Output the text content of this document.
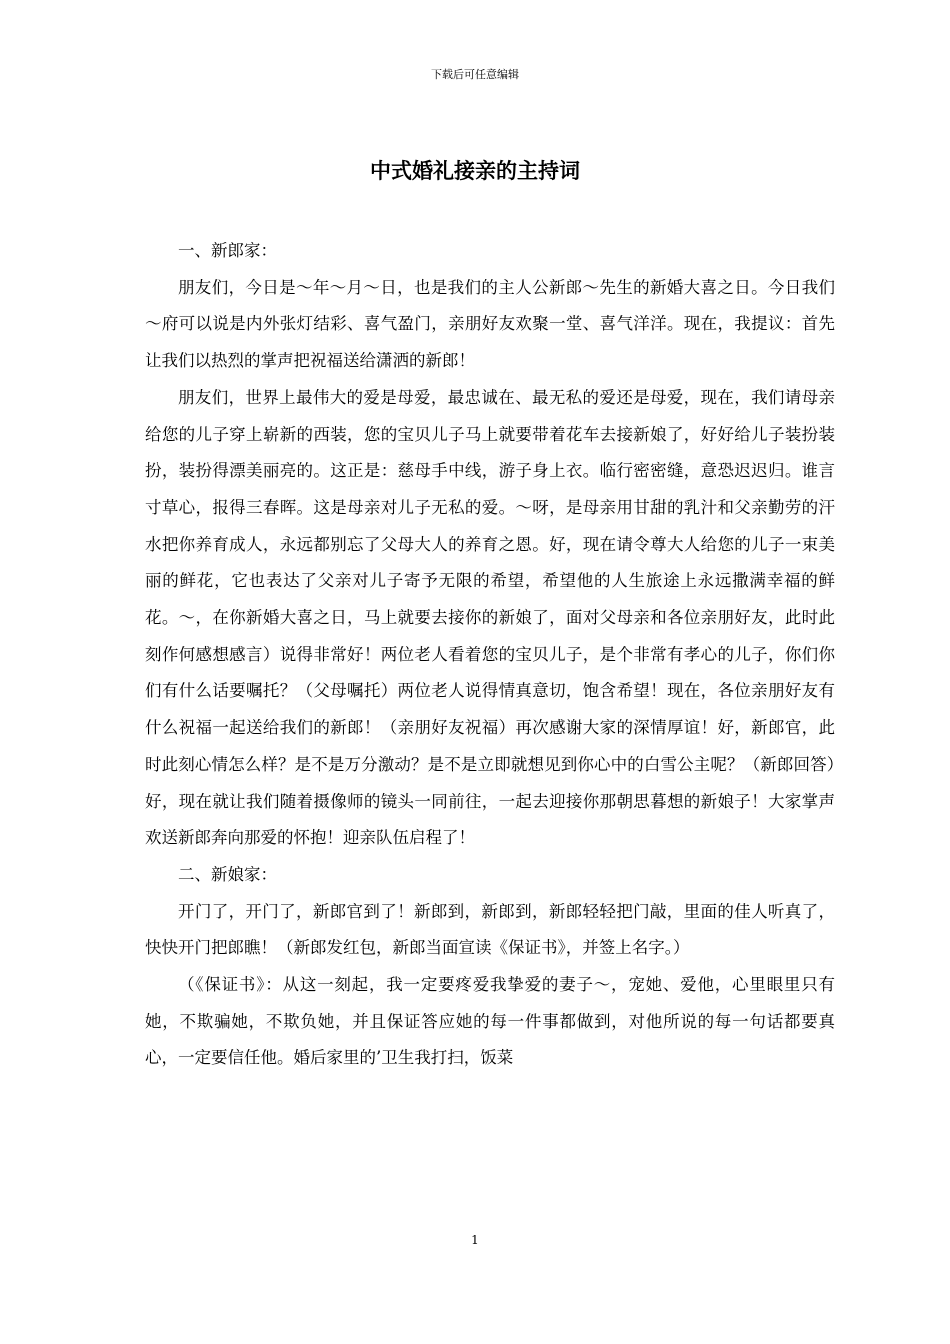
下载后可任意编辑
中式婚礼接亲的主持词

一、新郎家：

朋友们，今日是～年～月～日，也是我们的主人公新郎～先生的新婚大喜之日。今日我们～府可以说是内外张灯结彩、喜气盈门，亲朋好友欢聚一堂、喜气洋洋。现在，我提议：首先让我们以热烈的掌声把祝福送给潇洒的新郎！

朋友们，世界上最伟大的爱是母爱，最忠诚在、最无私的爱还是母爱，现在，我们请母亲给您的儿子穿上崭新的西装，您的宝贝儿子马上就要带着花车去接新娘了，好好给儿子装扮装扮，装扮得漂美丽亮的。这正是：慈母手中线，游子身上衣。临行密密缝，意恐迟迟归。谁言寸草心，报得三春晖。这是母亲对儿子无私的爱。～呀，是母亲用甘甜的乳汁和父亲勤劳的汗水把你养育成人，永远都别忘了父母大人的养育之恩。好，现在请令尊大人给您的儿子一束美丽的鲜花，它也表达了父亲对儿子寄予无限的希望，希望他的人生旅途上永远撒满幸福的鲜花。～，在你新婚大喜之日，马上就要去接你的新娘了，面对父母亲和各位亲朋好友，此时此刻作何感想感言）说得非常好！两位老人看着您的宝贝儿子，是个非常有孝心的儿子，你们你们有什么话要嘱托？（父母嘱托）两位老人说得情真意切，饱含希望！现在，各位亲朋好友有什么祝福一起送给我们的新郎！（亲朋好友祝福）再次感谢大家的深情厚谊！好，新郎官，此时此刻心情怎么样？是不是万分激动？是不是立即就想见到你心中的白雪公主呢？（新郎回答）好，现在就让我们随着摄像师的镜头一同前往，一起去迎接你那朝思暮想的新娘子！大家掌声欢送新郎奔向那爱的怀抱！迎亲队伍启程了！

二、新娘家：

开门了，开门了，新郎官到了！新郎到，新郎到，新郎轻轻把门敲，里面的佳人听真了，快快开门把郎瞧！（新郎发红包，新郎当面宣读《保证书》，并签上名字。）

（《保证书》：从这一刻起，我一定要疼爱我挚爱的妻子～，宠她、爱他，心里眼里只有她，不欺骗她，不欺负她，并且保证答应她的每一件事都做到，对他所说的每一句话都要真心，一定要信任他。婚后家里的’卫生我打扫，饭菜

1
